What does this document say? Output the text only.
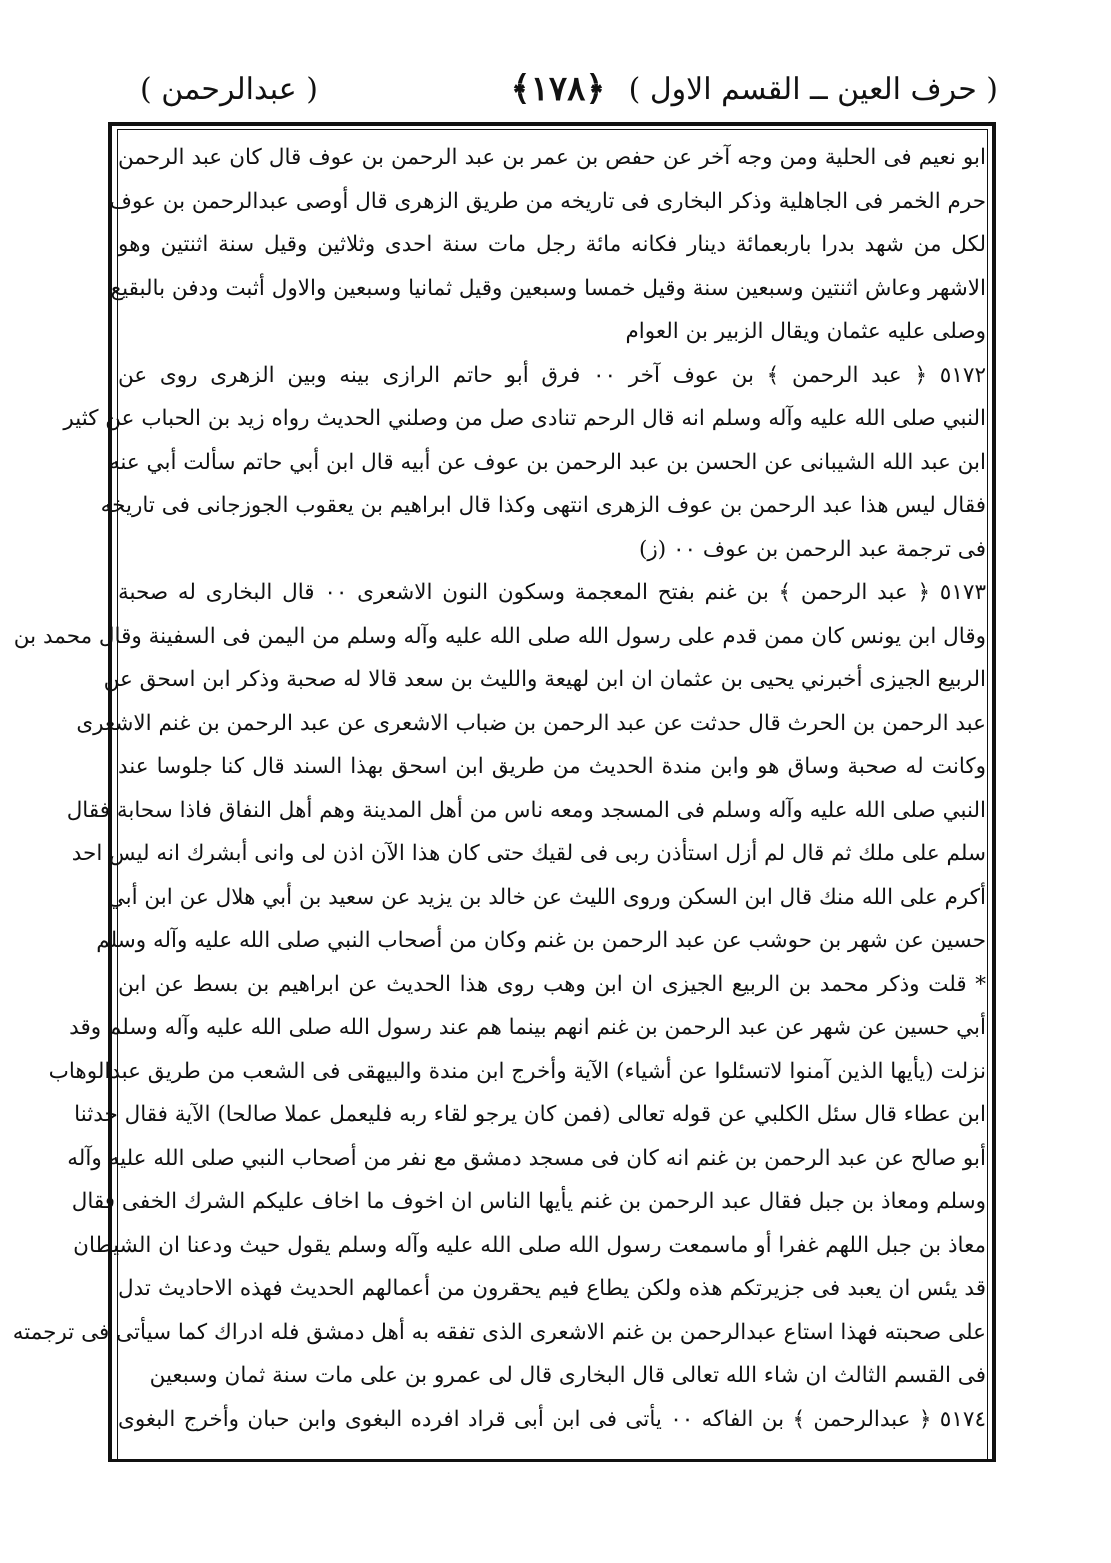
( حرف العين ــ القسم الاول )
﴿١٧٨﴾
( عبدالرحمن )
ابو نعيم فى الحلية ومن وجه آخر عن حفص بن عمر بن عبد الرحمن بن عوف قال كان عبد الرحمن
حرم الخمر فى الجاهلية وذكر البخارى فى تاريخه من طريق الزهرى قال أوصى عبدالرحمن بن عوف
لكل من شهد بدرا باربعمائة دينار فكانه مائة رجل مات سنة احدى وثلاثين وقيل سنة اثنتين وهو
الاشهر وعاش اثنتين وسبعين سنة وقيل خمسا وسبعين وقيل ثمانيا وسبعين والاول أثبت ودفن بالبقيع
وصلى عليه عثمان ويقال الزبير بن العوام
٥١٧٢ ﴿ عبد الرحمن ﴾ بن عوف آخر ٠٠ فرق أبو حاتم الرازى بينه وبين الزهرى روى عن
النبي صلى الله عليه وآله وسلم انه قال الرحم تنادى صل من وصلني الحديث رواه زيد بن الحباب عن كثير
ابن عبد الله الشيبانى عن الحسن بن عبد الرحمن بن عوف عن أبيه قال ابن أبي حاتم سألت أبي عنه
فقال ليس هذا عبد الرحمن بن عوف الزهرى انتهى وكذا قال ابراهيم بن يعقوب الجوزجانى فى تاريخه
فى ترجمة عبد الرحمن بن عوف ٠٠ (ز)
٥١٧٣ ﴿ عبد الرحمن ﴾ بن غنم بفتح المعجمة وسكون النون الاشعرى ٠٠ قال البخارى له صحبة
وقال ابن يونس كان ممن قدم على رسول الله صلى الله عليه وآله وسلم من اليمن فى السفينة وقال محمد بن
الربيع الجيزى أخبرني يحيى بن عثمان ان ابن لهيعة والليث بن سعد قالا له صحبة وذكر ابن اسحق عن
عبد الرحمن بن الحرث قال حدثت عن عبد الرحمن بن ضباب الاشعرى عن عبد الرحمن بن غنم الاشعرى
وكانت له صحبة وساق هو وابن مندة الحديث من طريق ابن اسحق بهذا السند قال كنا جلوسا عند
النبي صلى الله عليه وآله وسلم فى المسجد ومعه ناس من أهل المدينة وهم أهل النفاق فاذا سحابة فقال
سلم على ملك ثم قال لم أزل استأذن ربى فى لقيك حتى كان هذا الآن اذن لى وانى أبشرك انه ليس احد
أكرم على الله منك قال ابن السكن وروى الليث عن خالد بن يزيد عن سعيد بن أبي هلال عن ابن أبي
حسين عن شهر بن حوشب عن عبد الرحمن بن غنم وكان من أصحاب النبي صلى الله عليه وآله وسلم
* قلت وذكر محمد بن الربيع الجيزى ان ابن وهب روى هذا الحديث عن ابراهيم بن بسط عن ابن
أبي حسين عن شهر عن عبد الرحمن بن غنم انهم بينما هم عند رسول الله صلى الله عليه وآله وسلم وقد
نزلت (يأيها الذين آمنوا لاتسئلوا عن أشياء) الآية وأخرج ابن مندة والبيهقى فى الشعب من طريق عبدالوهاب
ابن عطاء قال سئل الكلبي عن قوله تعالى (فمن كان يرجو لقاء ربه فليعمل عملا صالحا) الآية فقال حدثنا
أبو صالح عن عبد الرحمن بن غنم انه كان فى مسجد دمشق مع نفر من أصحاب النبي صلى الله عليه وآله
وسلم ومعاذ بن جبل فقال عبد الرحمن بن غنم يأيها الناس ان اخوف ما اخاف عليكم الشرك الخفى فقال
معاذ بن جبل اللهم غفرا أو ماسمعت رسول الله صلى الله عليه وآله وسلم يقول حيث ودعنا ان الشيطان
قد يئس ان يعبد فى جزيرتكم هذه ولكن يطاع فيم يحقرون من أعمالهم الحديث فهذه الاحاديث تدل
على صحبته فهذا استاع عبدالرحمن بن غنم الاشعرى الذى تفقه به أهل دمشق فله ادراك كما سيأتى فى ترجمته
فى القسم الثالث ان شاء الله تعالى قال البخارى قال لى عمرو بن على مات سنة ثمان وسبعين
٥١٧٤ ﴿ عبدالرحمن ﴾ بن الفاكه ٠٠ يأتى فى ابن أبى قراد افرده البغوى وابن حبان وأخرج البغوى
